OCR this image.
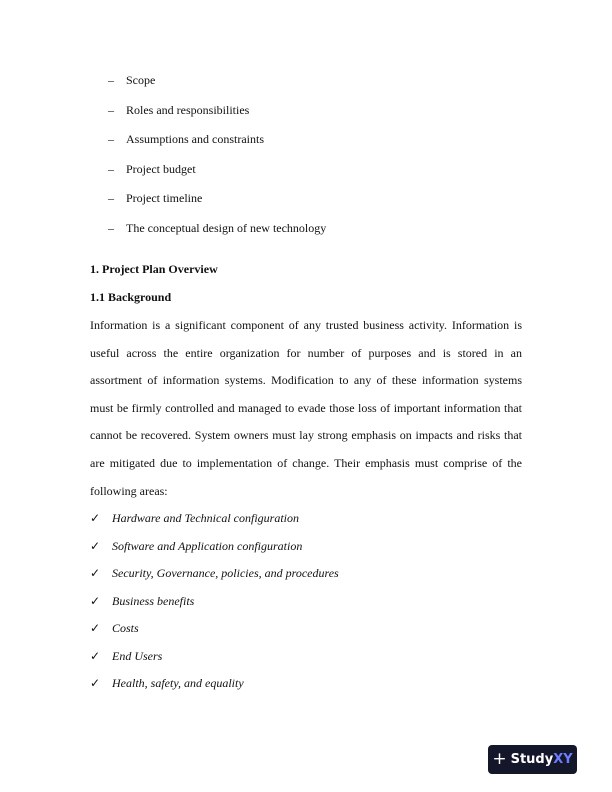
–	Scope
–	Roles and responsibilities
–	Assumptions and constraints
–	Project budget
–	Project timeline
–	The conceptual design of new technology
1. Project Plan Overview
1.1 Background

Information is a significant component of any trusted business activity. Information is
useful across the entire organization for number of purposes and is stored in an
assortment of information systems. Modification to any of these information systems
must be firmly controlled and managed to evade those loss of important information that
cannot be recovered. System owners must lay strong emphasis on impacts and risks that
are mitigated due to implementation of change. Their emphasis must comprise of the
following areas:

✓ Hardware and Technical configuration
✓ Software and Application configuration
✓ Security, Governance, policies, and procedures
✓ Business benefits
✓ Costs
✓ End Users
✓ Health, safety, and equality
+ Study XY
